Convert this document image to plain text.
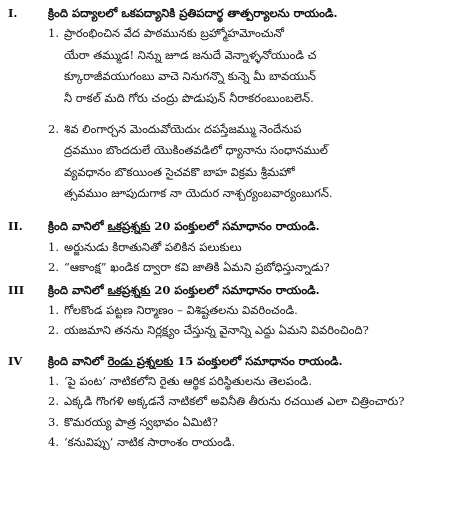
I.	క్రింది పద్యాలలో ఒకపద్యానికి ప్రతిపదార్థ తాత్పర్యాలను రాయండి.
1. ప్రారంభించిన వేద పాఠమునకు బ్రహ్మోహమోంచునో
యేరా తమ్ముడ! నిన్ను జూడ జనుదే వెన్నాళ్ళనోయుండి చ
క్కూరాజీవయుగంబు వాచె నినుగన్నొ కున్నె మీ బావయున్
నీ రాకల్ మది గోరు చంద్రు పొడుపున్ నీరాకరంబుంబలెన్.
2. శివ లింగార్చన మెందువోయెదుఁ దపస్తేజమ్ము నెందేనుప
ద్రవముం బొందదులే యొకింతవడిలో ధ్యానాను సంధానముల్
వ్యవధానం బొకయింత సైచవకొ బాహ విక్రమ శ్రీమహో
త్సవముం జూపుదుగాక నా యెదుర నాశ్చర్యంబవార్యంబుగన్.
II.	క్రింది వానిలో ఒకప్రశ్నకు 20 పంక్తులలో సమాధానం రాయండి.
1. అర్జునుడు కిరాతునితో పలికిన పలుకులు
2. “ఆకాంక్ష” ఖండిక ద్వారా కవి జాతికి ఏమని ప్రబోధిస్తున్నాడు?
III	క్రింది వానిలో ఒకప్రశ్నకు 20 పంక్తులలో సమాధానం రాయండి.
1. గోలకొండ పట్టణ నిర్మాణం – విశిష్టతలను వివరించండి.
2. యజమాని తనను నిర్లక్ష్యం చేస్తున్న వైనాన్ని ఎద్దు ఏమని వివరించింది?
IV	క్రింది వానిలో రెండు ప్రశ్నలకు 15 పంక్తులలో సమాధానం రాయండి.
1. ‘పై పంట’ నాటికలోని రైతు ఆర్థిక పరిస్థితులను తెలపండి.
2. ఎక్కడి గొంగళి అక్కడనే నాటికలో అవినీతి తీరును రచయిత ఎలా చిత్రించారు?
3. కొమరయ్య పాత్ర స్వభావం ఏమిటి?
4. ‘కనువిప్పు’ నాటిక సారాంశం రాయండి.
